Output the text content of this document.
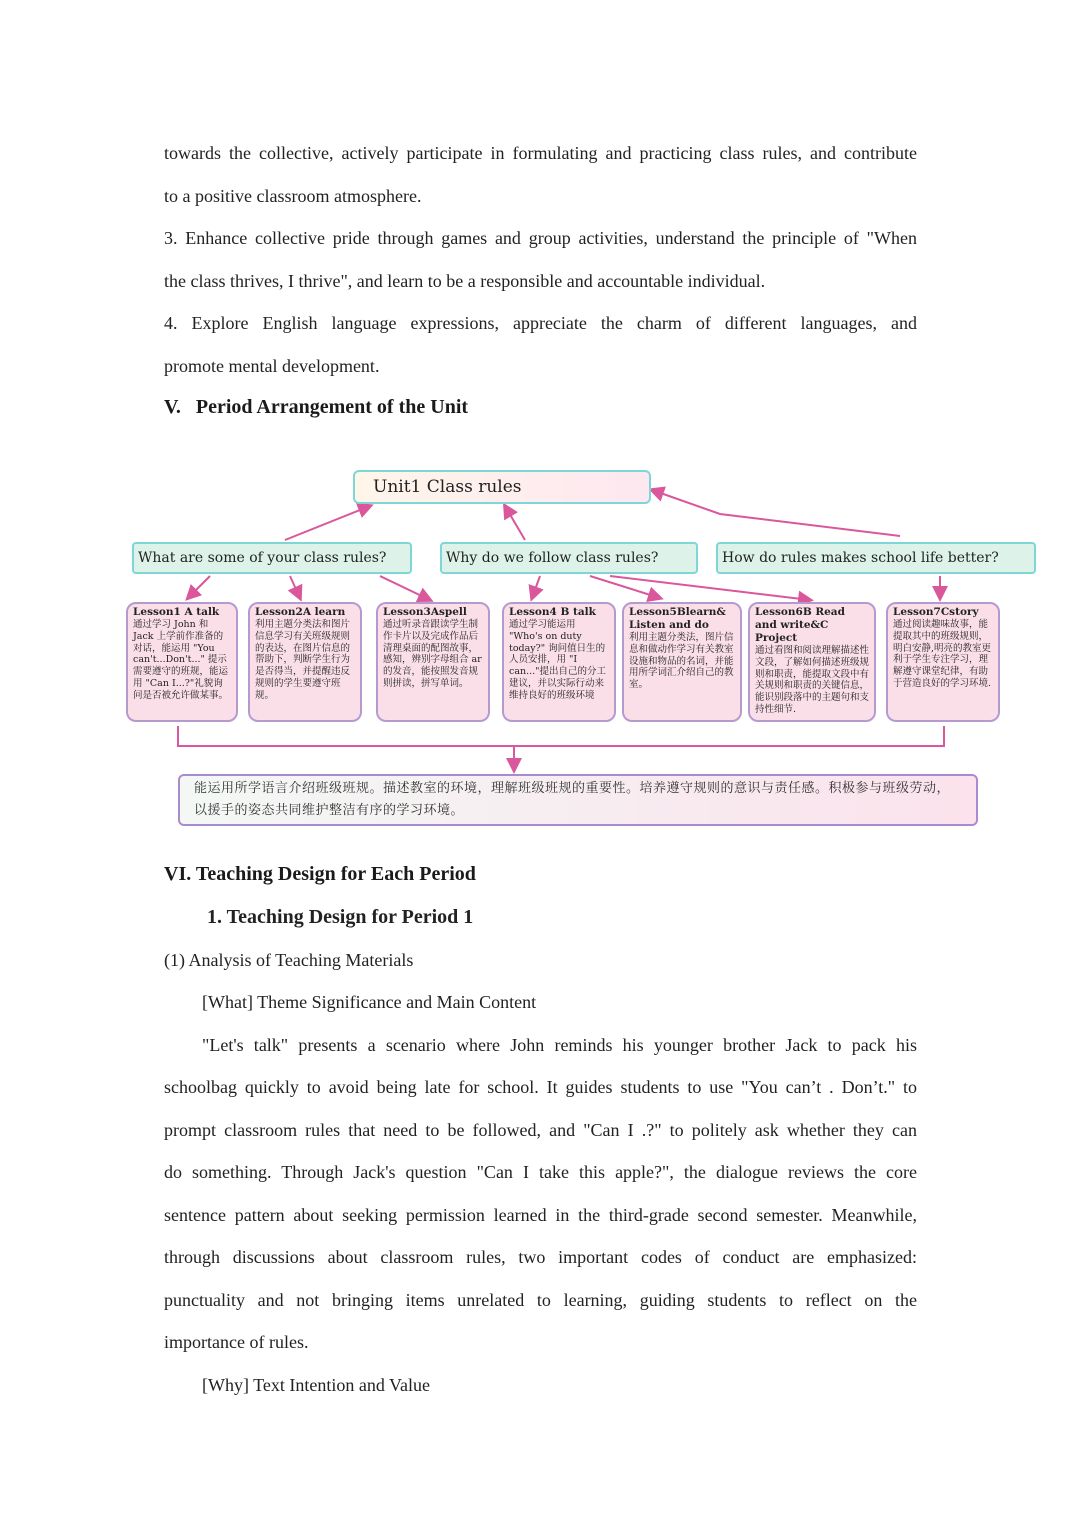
towards the collective, actively participate in formulating and practicing class rules, and contribute

to a positive classroom atmosphere.

3. Enhance collective pride through games and group activities, understand the principle of "When

the class thrives, I thrive", and learn to be a responsible and accountable individual.

4. Explore English language expressions, appreciate the charm of different languages, and

promote mental development.

V.   Period Arrangement of the Unit

Unit1 Class rules
What are some of your class rules?	Why do we follow class rules?	How do rules makes school life better?
Lesson1 A talk
通过学习 John 和 Jack 上学前作准备的对话，能运用 "You can't...Don't..." 提示需要遵守的班规，能运用 "Can I...?"礼貌询问是否被允许做某事。
Lesson2A learn
利用主题分类法和图片信息学习有关班级规则的表达，在图片信息的帮助下，判断学生行为是否得当，并提醒违反规则的学生要遵守班规。
Lesson3Aspell
通过听录音跟读学生制作卡片以及完成作品后清理桌面的配图故事，感知，辨别字母组合 ar 的发音，能按照发音规则拼读，拼写单词。
Lesson4 B talk
通过学习能运用 "Who's on duty today?" 询问值日生的人员安排，用 "I can..."提出自己的分工建议，并以实际行动来维持良好的班级环境
Lesson5Blearn& Listen and do
利用主题分类法，图片信息和做动作学习有关教室设施和物品的名词，并能用所学词汇介绍自己的教室。
Lesson6B Read and write&C Project
通过看图和阅读理解描述性文段，了解如何描述班级规则和职责，能提取文段中有关规则和职责的关键信息，能识别段落中的主题句和支持性细节.
Lesson7Cstory
通过阅读趣味故事，能提取其中的班级规则，明白安静,明亮的教室更利于学生专注学习，理解遵守课堂纪律，有助于营造良好的学习环境.
能运用所学语言介绍班级班规。描述教室的环境，理解班级班规的重要性。培养遵守规则的意识与责任感。积极参与班级劳动，以援手的姿态共同维护整洁有序的学习环境。

VI. Teaching Design for Each Period

1. Teaching Design for Period 1

(1) Analysis of Teaching Materials

[What] Theme Significance and Main Content

"Let's talk" presents a scenario where John reminds his younger brother Jack to pack his

schoolbag quickly to avoid being late for school. It guides students to use "You can’t . Don’t." to

prompt classroom rules that need to be followed, and "Can I .?" to politely ask whether they can

do something. Through Jack's question "Can I take this apple?", the dialogue reviews the core

sentence pattern about seeking permission learned in the third-grade second semester. Meanwhile,

through discussions about classroom rules, two important codes of conduct are emphasized:

punctuality and not bringing items unrelated to learning, guiding students to reflect on the

importance of rules.

[Why] Text Intention and Value
